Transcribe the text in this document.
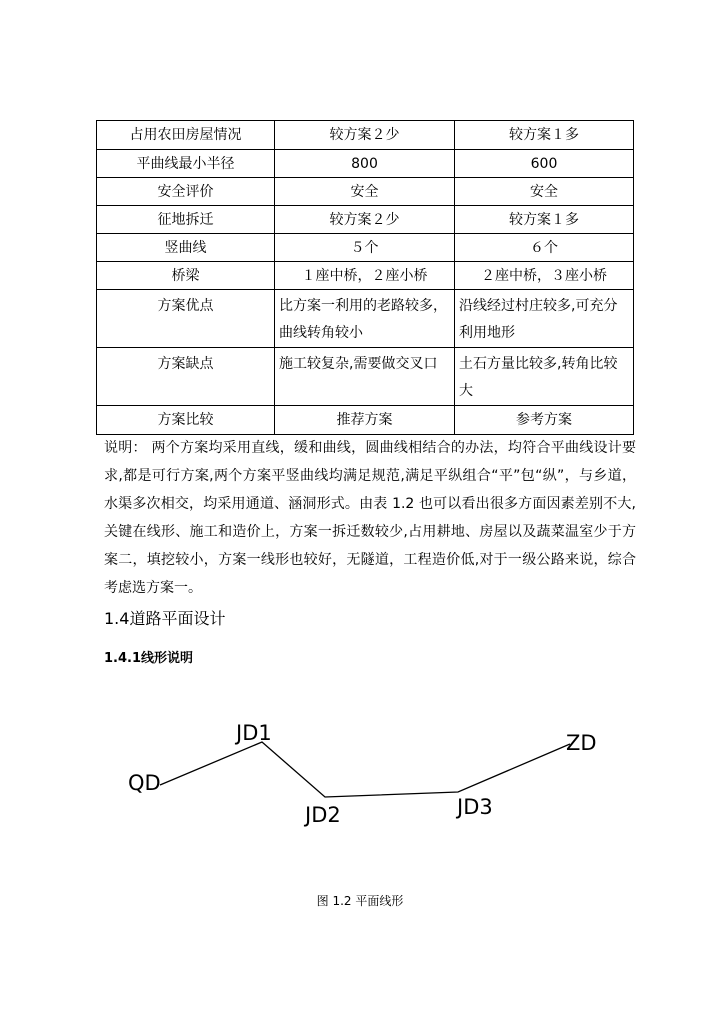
占用农田房屋情况	较方案２少	较方案１多
平曲线最小半径	800	600
安全评价	安全	安全
征地拆迁	较方案２少	较方案１多
竖曲线	５个	６个
桥梁	１座中桥，２座小桥	２座中桥，３座小桥
方案优点	比方案一利用的老路较多，曲线转角较小	沿线经过村庄较多,可充分利用地形
方案缺点	施工较复杂,需要做交叉口	土石方量比较多,转角比较大
方案比较	推荐方案	参考方案

说明： 两个方案均采用直线，缓和曲线，圆曲线相结合的办法，均符合平曲线设计要求,都是可行方案,两个方案平竖曲线均满足规范,满足平纵组合“平”包“纵”，与乡道，水渠多次相交，均采用通道、涵洞形式。由表 1.2 也可以看出很多方面因素差别不大,关键在线形、施工和造价上，方案一拆迁数较少,占用耕地、房屋以及蔬菜温室少于方案二，填挖较小，方案一线形也较好，无隧道，工程造价低,对于一级公路来说，综合考虑选方案一。

1.4道路平面设计
1.4.1线形说明
QD
JD1
JD2	JD3
ZD

图 1.2 平面线形
